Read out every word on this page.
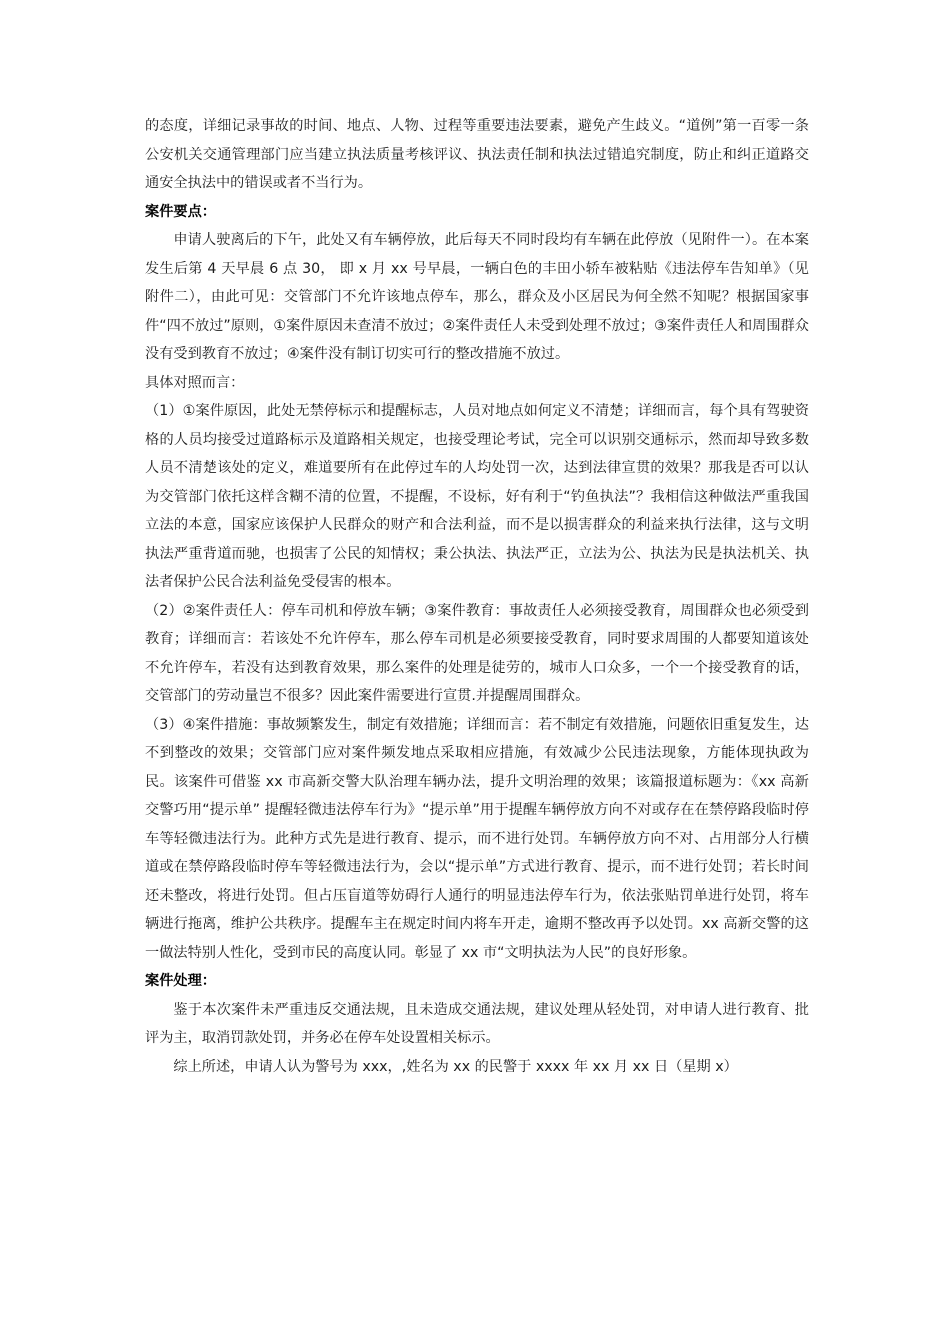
的态度，详细记录事故的时间、地点、人物、过程等重要违法要素，避免产生歧义。“道例”第一百零一条 公安机关交通管理部门应当建立执法质量考核评议、执法责任制和执法过错追究制度，防止和纠正道路交通安全执法中的错误或者不当行为。

案件要点：

申请人驶离后的下午，此处又有车辆停放，此后每天不同时段均有车辆在此停放（见附件一）。在本案发生后第 4 天早晨 6 点 30， 即 x 月 xx 号早晨，一辆白色的丰田小轿车被粘贴《违法停车告知单》（见附件二），由此可见：交管部门不允许该地点停车，那么，群众及小区居民为何全然不知呢？根据国家事件“四不放过”原则，①案件原因未查清不放过；②案件责任人未受到处理不放过；③案件责任人和周围群众没有受到教育不放过；④案件没有制订切实可行的整改措施不放过。

具体对照而言：

（1）①案件原因，此处无禁停标示和提醒标志，人员对地点如何定义不清楚；详细而言，每个具有驾驶资格的人员均接受过道路标示及道路相关规定，也接受理论考试，完全可以识别交通标示，然而却导致多数人员不清楚该处的定义，难道要所有在此停过车的人均处罚一次，达到法律宣贯的效果？那我是否可以认为交管部门依托这样含糊不清的位置，不提醒，不设标，好有利于“钓鱼执法”？我相信这种做法严重我国立法的本意，国家应该保护人民群众的财产和合法利益，而不是以损害群众的利益来执行法律，这与文明执法严重背道而驰，也损害了公民的知情权；秉公执法、执法严正，立法为公、执法为民是执法机关、执法者保护公民合法利益免受侵害的根本。

（2）②案件责任人：停车司机和停放车辆；③案件教育：事故责任人必须接受教育，周围群众也必须受到教育；详细而言：若该处不允许停车，那么停车司机是必须要接受教育，同时要求周围的人都要知道该处不允许停车，若没有达到教育效果，那么案件的处理是徒劳的，城市人口众多，一个一个接受教育的话，交管部门的劳动量岂不很多？因此案件需要进行宣贯.并提醒周围群众。

（3）④案件措施：事故频繁发生，制定有效措施；详细而言：若不制定有效措施，问题依旧重复发生，达不到整改的效果；交管部门应对案件频发地点采取相应措施，有效减少公民违法现象，方能体现执政为民。该案件可借鉴 xx 市高新交警大队治理车辆办法，提升文明治理的效果；该篇报道标题为：《xx 高新交警巧用“提示单” 提醒轻微违法停车行为》“提示单”用于提醒车辆停放方向不对或存在在禁停路段临时停车等轻微违法行为。此种方式先是进行教育、提示，而不进行处罚。车辆停放方向不对、占用部分人行横道或在禁停路段临时停车等轻微违法行为，会以“提示单”方式进行教育、提示，而不进行处罚；若长时间还未整改，将进行处罚。但占压盲道等妨碍行人通行的明显违法停车行为，依法张贴罚单进行处罚，将车辆进行拖离，维护公共秩序。提醒车主在规定时间内将车开走，逾期不整改再予以处罚。xx 高新交警的这一做法特别人性化，受到市民的高度认同。彰显了 xx 市“文明执法为人民”的良好形象。

案件处理：

鉴于本次案件未严重违反交通法规，且未造成交通法规，建议处理从轻处罚，对申请人进行教育、批评为主，取消罚款处罚，并务必在停车处设置相关标示。

综上所述，申请人认为警号为 xxx，,姓名为 xx 的民警于 xxxx 年 xx 月 xx 日（星期 x）
